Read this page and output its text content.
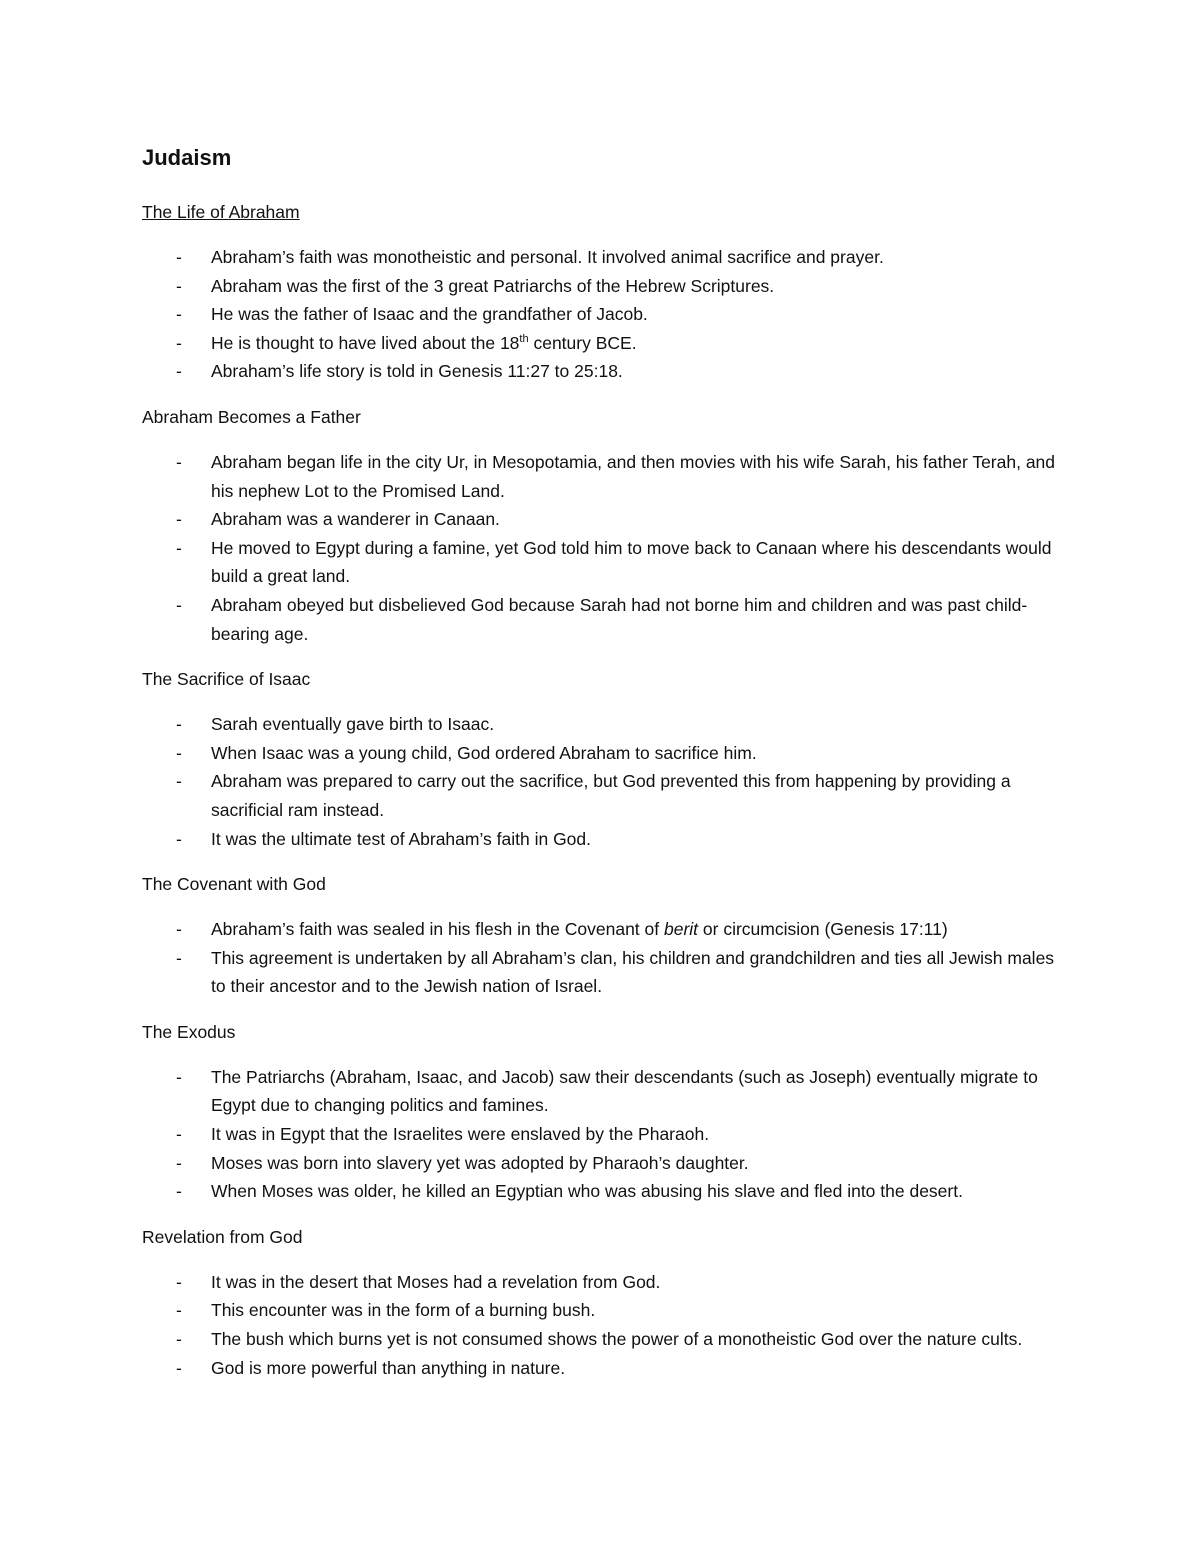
Judaism
The Life of Abraham
- Abraham’s faith was monotheistic and personal. It involved animal sacrifice and prayer.
- Abraham was the first of the 3 great Patriarchs of the Hebrew Scriptures.
- He was the father of Isaac and the grandfather of Jacob.
- He is thought to have lived about the 18th century BCE.
- Abraham’s life story is told in Genesis 11:27 to 25:18.
Abraham Becomes a Father
- Abraham began life in the city Ur, in Mesopotamia, and then movies with his wife Sarah, his father Terah, and his nephew Lot to the Promised Land.
- Abraham was a wanderer in Canaan.
- He moved to Egypt during a famine, yet God told him to move back to Canaan where his descendants would build a great land.
- Abraham obeyed but disbelieved God because Sarah had not borne him and children and was past child-bearing age.
The Sacrifice of Isaac
- Sarah eventually gave birth to Isaac.
- When Isaac was a young child, God ordered Abraham to sacrifice him.
- Abraham was prepared to carry out the sacrifice, but God prevented this from happening by providing a sacrificial ram instead.
- It was the ultimate test of Abraham’s faith in God.
The Covenant with God
- Abraham’s faith was sealed in his flesh in the Covenant of berit or circumcision (Genesis 17:11)
- This agreement is undertaken by all Abraham’s clan, his children and grandchildren and ties all Jewish males to their ancestor and to the Jewish nation of Israel.
The Exodus
- The Patriarchs (Abraham, Isaac, and Jacob) saw their descendants (such as Joseph) eventually migrate to Egypt due to changing politics and famines.
- It was in Egypt that the Israelites were enslaved by the Pharaoh.
- Moses was born into slavery yet was adopted by Pharaoh’s daughter.
- When Moses was older, he killed an Egyptian who was abusing his slave and fled into the desert.
Revelation from God
- It was in the desert that Moses had a revelation from God.
- This encounter was in the form of a burning bush.
- The bush which burns yet is not consumed shows the power of a monotheistic God over the nature cults.
- God is more powerful than anything in nature.
